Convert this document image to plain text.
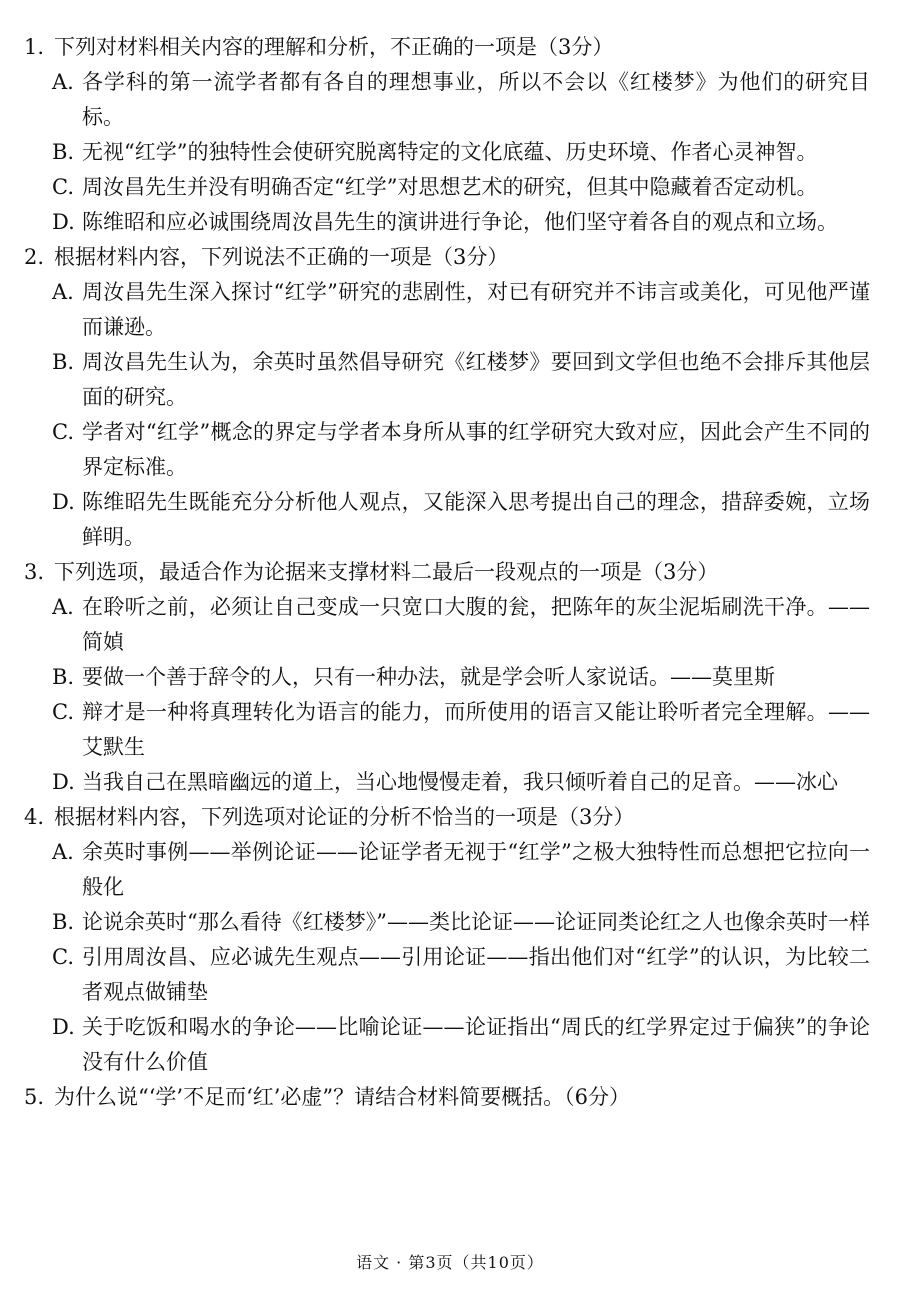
1. 下列对材料相关内容的理解和分析，不正确的一项是（3分）
A. 各学科的第一流学者都有各自的理想事业，所以不会以《红楼梦》为他们的研究目标。
B. 无视“红学”的独特性会使研究脱离特定的文化底蕴、历史环境、作者心灵神智。
C. 周汝昌先生并没有明确否定“红学”对思想艺术的研究，但其中隐藏着否定动机。
D. 陈维昭和应必诚围绕周汝昌先生的演讲进行争论，他们坚守着各自的观点和立场。
2. 根据材料内容，下列说法不正确的一项是（3分）
A. 周汝昌先生深入探讨“红学”研究的悲剧性，对已有研究并不讳言或美化，可见他严谨而谦逊。
B. 周汝昌先生认为，余英时虽然倡导研究《红楼梦》要回到文学但也绝不会排斥其他层面的研究。
C. 学者对“红学”概念的界定与学者本身所从事的红学研究大致对应，因此会产生不同的界定标准。
D. 陈维昭先生既能充分分析他人观点，又能深入思考提出自己的理念，措辞委婉，立场鲜明。
3. 下列选项，最适合作为论据来支撑材料二最后一段观点的一项是（3分）
A. 在聆听之前，必须让自己变成一只宽口大腹的瓮，把陈年的灰尘泥垢刷洗干净。——简媜
B. 要做一个善于辞令的人，只有一种办法，就是学会听人家说话。——莫里斯
C. 辩才是一种将真理转化为语言的能力，而所使用的语言又能让聆听者完全理解。——艾默生
D. 当我自己在黑暗幽远的道上，当心地慢慢走着，我只倾听着自己的足音。——冰心
4. 根据材料内容，下列选项对论证的分析不恰当的一项是（3分）
A. 余英时事例——举例论证——论证学者无视于“红学”之极大独特性而总想把它拉向一般化
B. 论说余英时“那么看待《红楼梦》”——类比论证——论证同类论红之人也像余英时一样
C. 引用周汝昌、应必诚先生观点——引用论证——指出他们对“红学”的认识，为比较二者观点做铺垫
D. 关于吃饭和喝水的争论——比喻论证——论证指出“周氏的红学界定过于偏狭”的争论没有什么价值
5. 为什么说“‘学’不足而‘红’必虚”？请结合材料简要概括。（6分）
语文 · 第3页（共10页）
